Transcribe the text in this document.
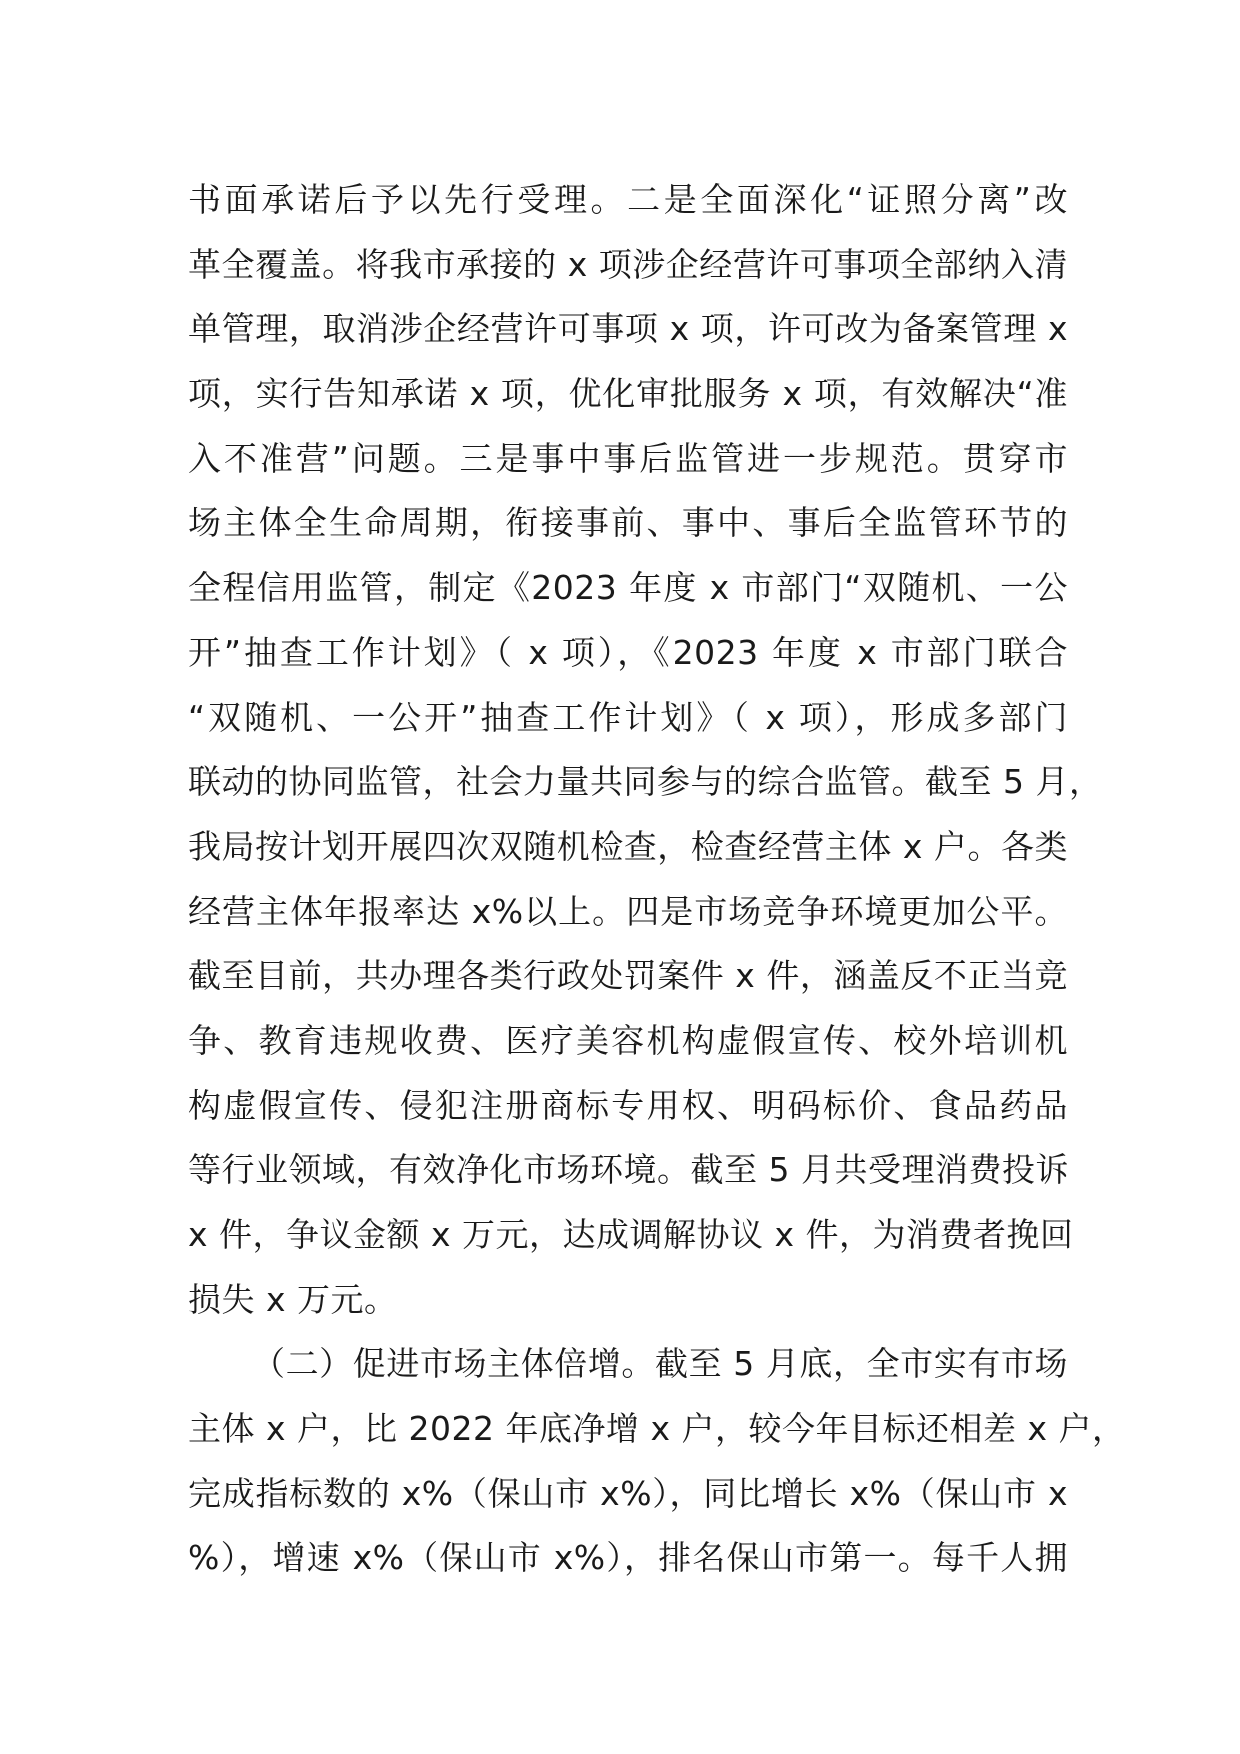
书面承诺后予以先行受理。二是全面深化“证照分离”改
革全覆盖。将我市承接的 x 项涉企经营许可事项全部纳入清
单管理，取消涉企经营许可事项 x 项，许可改为备案管理 x
项，实行告知承诺 x 项，优化审批服务 x 项，有效解决“准
入不准营”问题。三是事中事后监管进一步规范。贯穿市
场主体全生命周期，衔接事前、事中、事后全监管环节的
全程信用监管，制定《2023 年度 x 市部门“双随机、一公
开”抽查工作计划》（ x 项），《2023 年度 x 市部门联合
“双随机、一公开”抽查工作计划》（ x 项），形成多部门
联动的协同监管，社会力量共同参与的综合监管。截至 5 月，
我局按计划开展四次双随机检查，检查经营主体 x 户。各类
经营主体年报率达 x%以上。四是市场竞争环境更加公平。
截至目前，共办理各类行政处罚案件 x 件，涵盖反不正当竞
争、教育违规收费、医疗美容机构虚假宣传、校外培训机
构虚假宣传、侵犯注册商标专用权、明码标价、食品药品
等行业领域，有效净化市场环境。截至 5 月共受理消费投诉
x 件，争议金额 x 万元，达成调解协议 x 件，为消费者挽回
损失 x 万元。
（二）促进市场主体倍增。截至 5 月底，全市实有市场
主体 x 户，比 2022 年底净增 x 户，较今年目标还相差 x 户，
完成指标数的 x%（保山市 x%），同比增长 x%（保山市 x
%），增速 x%（保山市 x%），排名保山市第一。每千人拥
